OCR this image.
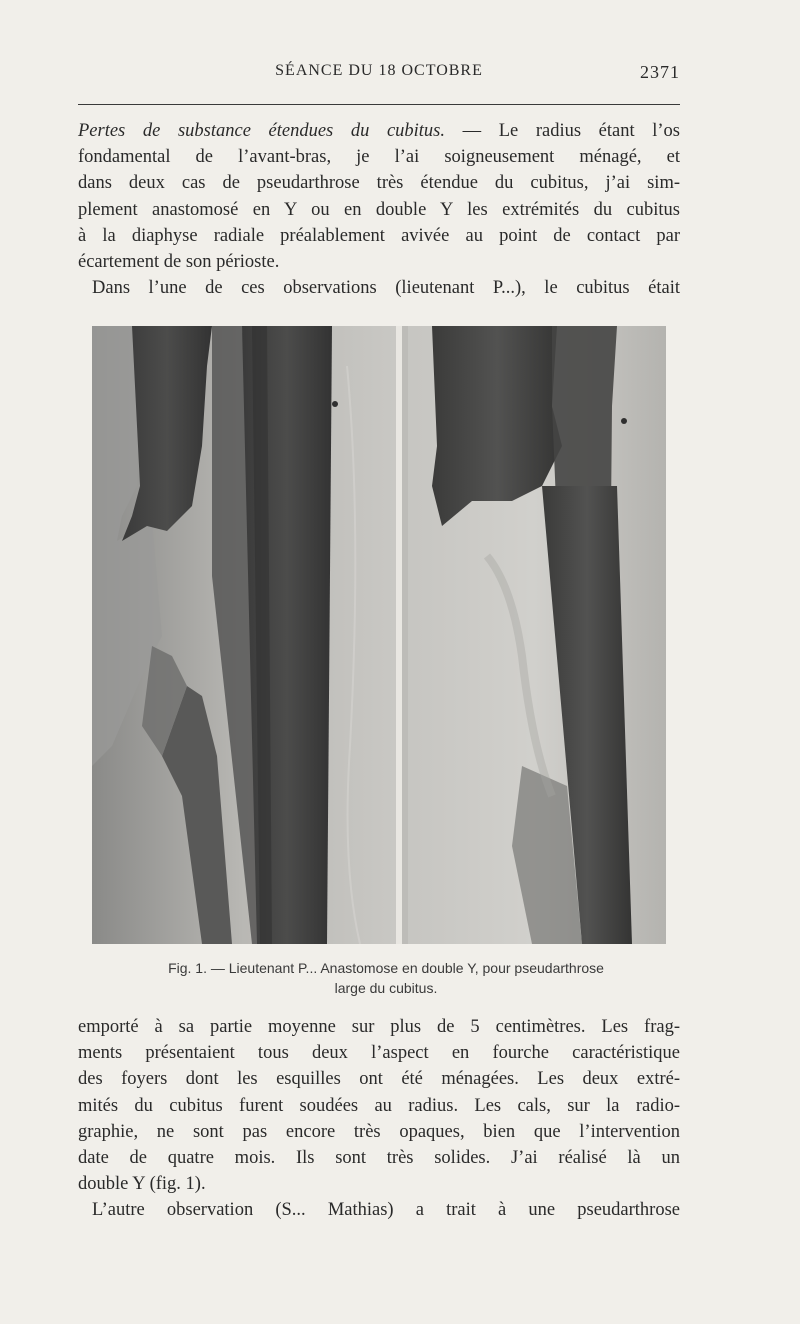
SÉANCE DU 18 OCTOBRE	2371
Pertes de substance étendues du cubitus. — Le radius étant l’os
fondamental de l’avant-bras, je l’ai soigneusement ménagé, et
dans deux cas de pseudarthrose très étendue du cubitus, j’ai sim-
plement anastomosé en Y ou en double Y les extrémités du cubitus
à la diaphyse radiale préalablement avivée au point de contact par
écartement de son périoste.
Dans l’une de ces observations (lieutenant P...), le cubitus était
Fig. 1. — Lieutenant P... Anastomose en double Y, pour pseudarthrose
large du cubitus.
emporté à sa partie moyenne sur plus de 5 centimètres. Les frag-
ments présentaient tous deux l’aspect en fourche caractéristique
des foyers dont les esquilles ont été ménagées. Les deux extré-
mités du cubitus furent soudées au radius. Les cals, sur la radio-
graphie, ne sont pas encore très opaques, bien que l’intervention
date de quatre mois. Ils sont très solides. J’ai réalisé là un
double Y (fig. 1).
L’autre observation (S... Mathias) a trait à une pseudarthrose
